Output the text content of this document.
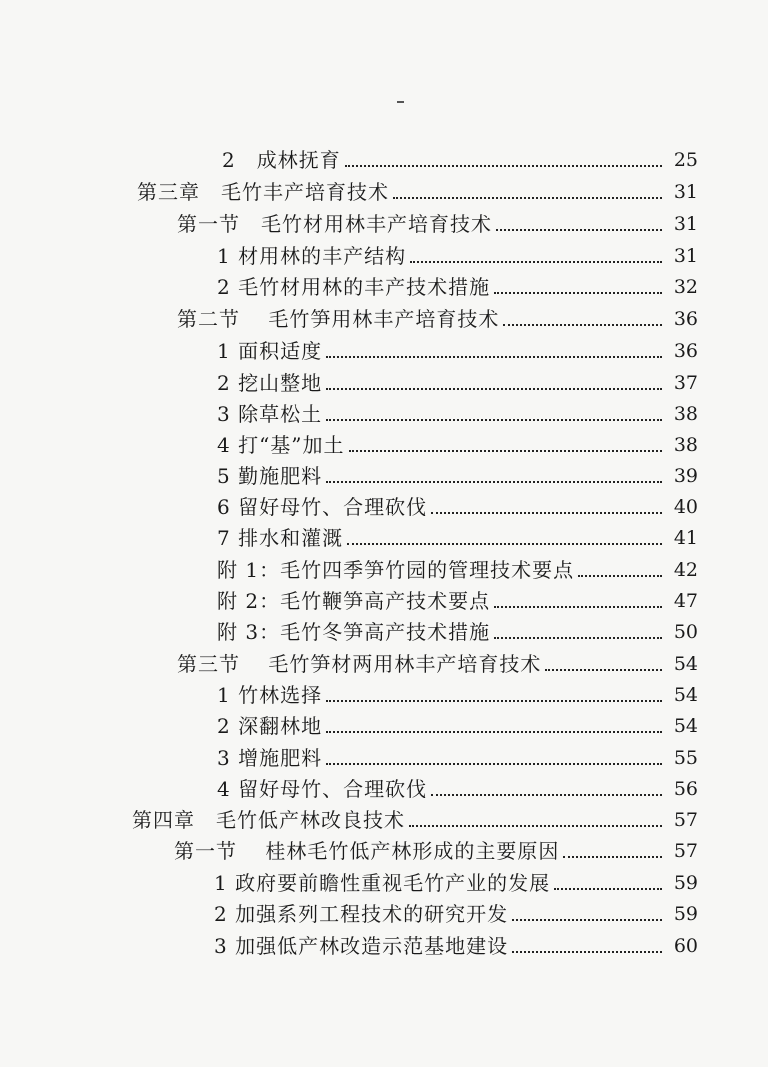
2　成林抚育	25
第三章　毛竹丰产培育技术	31
第一节　毛竹材用林丰产培育技术	31
1 材用林的丰产结构	31
2 毛竹材用林的丰产技术措施	32
第二节　 毛竹笋用林丰产培育技术	36
1 面积适度	36
2 挖山整地	37
3 除草松土	38
4 打“基”加土	38
5 勤施肥料	39
6 留好母竹、合理砍伐	40
7 排水和灌溉	41
附 1：毛竹四季笋竹园的管理技术要点	42
附 2：毛竹鞭笋高产技术要点	47
附 3：毛竹冬笋高产技术措施	50
第三节　 毛竹笋材两用林丰产培育技术	54
1 竹林选择	54
2 深翻林地	54
3 增施肥料	55
4 留好母竹、合理砍伐	56
第四章　毛竹低产林改良技术	57
第一节　 桂林毛竹低产林形成的主要原因	57
1 政府要前瞻性重视毛竹产业的发展	59
2 加强系列工程技术的研究开发	59
3 加强低产林改造示范基地建设	60
